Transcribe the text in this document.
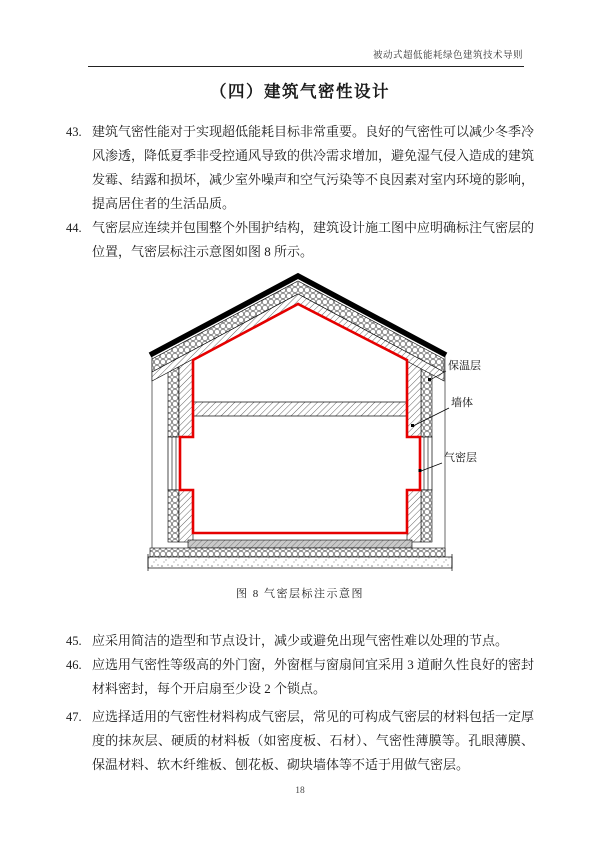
被动式超低能耗绿色建筑技术导则
（四）建筑气密性设计
43. 建筑气密性能对于实现超低能耗目标非常重要。良好的气密性可以减少冬季冷风渗透，降低夏季非受控通风导致的供冷需求增加，避免湿气侵入造成的建筑发霉、结露和损坏，减少室外噪声和空气污染等不良因素对室内环境的影响，提高居住者的生活品质。
44. 气密层应连续并包围整个外围护结构，建筑设计施工图中应明确标注气密层的位置，气密层标注示意图如图 8 所示。
保温层
墙体
气密层
图 8 气密层标注示意图
45. 应采用简洁的造型和节点设计，减少或避免出现气密性难以处理的节点。
46. 应选用气密性等级高的外门窗，外窗框与窗扇间宜采用 3 道耐久性良好的密封材料密封，每个开启扇至少设 2 个锁点。
47. 应选择适用的气密性材料构成气密层，常见的可构成气密层的材料包括一定厚度的抹灰层、硬质的材料板（如密度板、石材）、气密性薄膜等。孔眼薄膜、保温材料、软木纤维板、刨花板、砌块墙体等不适于用做气密层。
18
